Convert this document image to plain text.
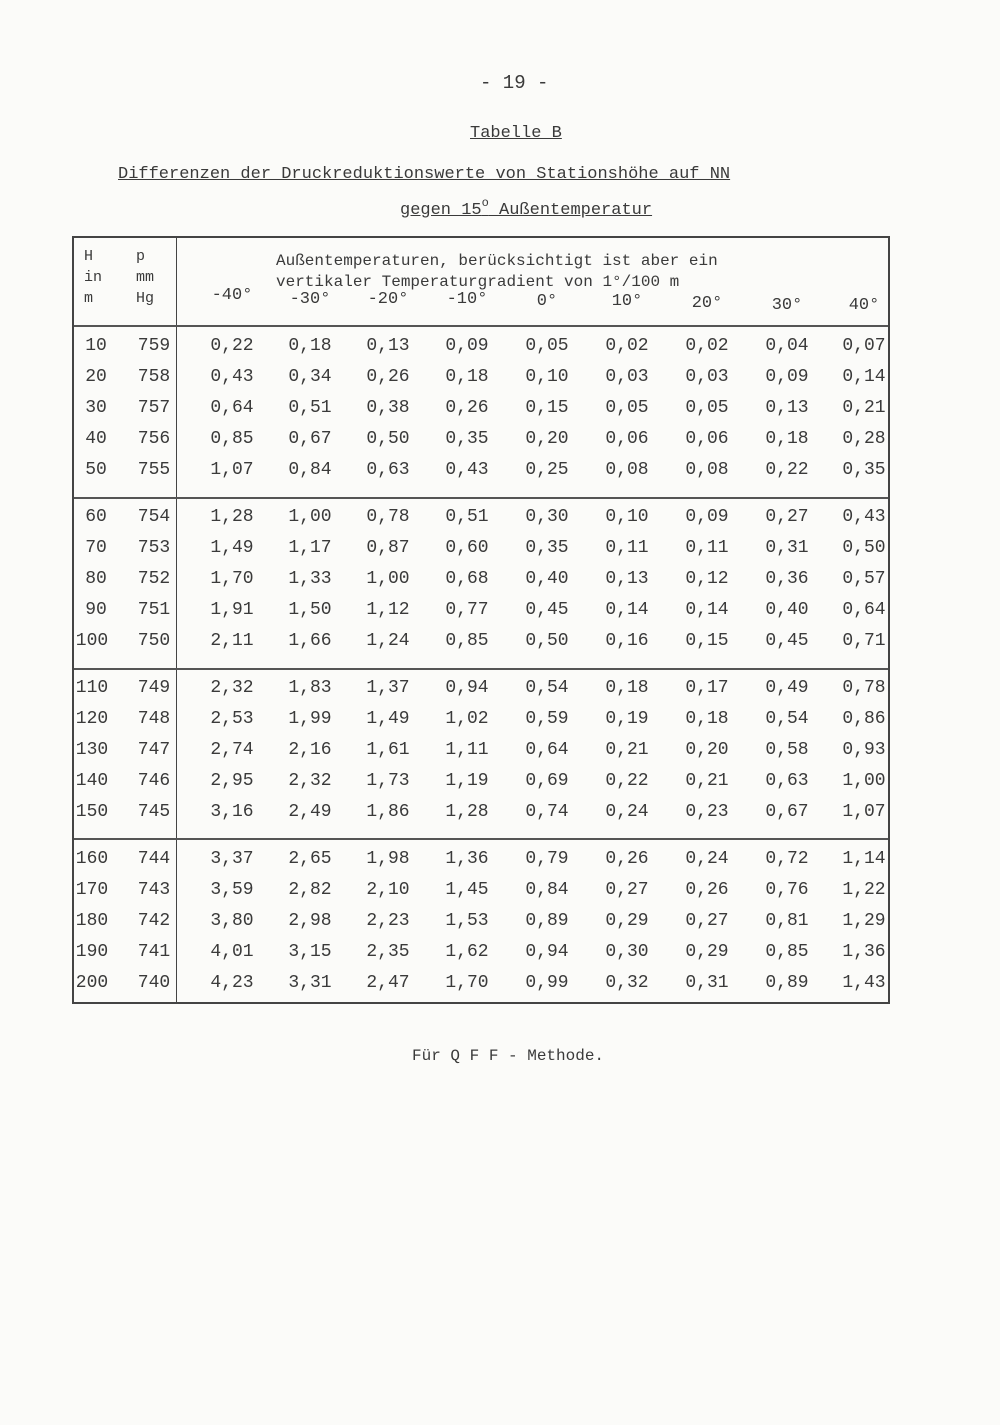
- 19 -
Tabelle B
Differenzen der Druckreduktionswerte von Stationshöhe auf NN
gegen 15$^o$ Außentemperatur
H
in
m
p
mm
Hg
Außentemperaturen, berücksichtigt ist aber ein
vertikaler Temperaturgradient von 1°/100 m
-40° -30° -20° -10°	0°	10°	20°	30°	40°
10 759 0,22 0,18 0,13 0,09 0,05 0,02 0,02 0,04 0,07
20 758 0,43 0,34 0,26 0,18 0,10 0,03 0,03 0,09 0,14
30 757 0,64 0,51 0,38 0,26 0,15 0,05 0,05 0,13 0,21
40 756 0,85 0,67 0,50 0,35 0,20 0,06 0,06 0,18 0,28
50 755 1,07 0,84 0,63 0,43 0,25 0,08 0,08 0,22 0,35
60 754 1,28 1,00 0,78 0,51 0,30 0,10 0,09 0,27 0,43
70 753 1,49 1,17 0,87 0,60 0,35 0,11 0,11 0,31 0,50
80 752 1,70 1,33 1,00 0,68 0,40 0,13 0,12 0,36 0,57
90 751 1,91 1,50 1,12 0,77 0,45 0,14 0,14 0,40 0,64
100 750 2,11 1,66 1,24 0,85 0,50 0,16 0,15 0,45 0,71
110 749 2,32 1,83 1,37 0,94 0,54 0,18 0,17 0,49 0,78
120 748 2,53 1,99 1,49 1,02 0,59 0,19 0,18 0,54 0,86
130 747 2,74 2,16 1,61 1,11 0,64 0,21 0,20 0,58 0,93
140 746 2,95 2,32 1,73 1,19 0,69 0,22 0,21 0,63 1,00
150 745 3,16 2,49 1,86 1,28 0,74 0,24 0,23 0,67 1,07
160 744 3,37 2,65 1,98 1,36 0,79 0,26 0,24 0,72 1,14
170 743 3,59 2,82 2,10 1,45 0,84 0,27 0,26 0,76 1,22
180 742 3,80 2,98 2,23 1,53 0,89 0,29 0,27 0,81 1,29
190 741 4,01 3,15 2,35 1,62 0,94 0,30 0,29 0,85 1,36
200 740 4,23 3,31 2,47 1,70 0,99 0,32 0,31 0,89 1,43
Für Q F F - Methode.
